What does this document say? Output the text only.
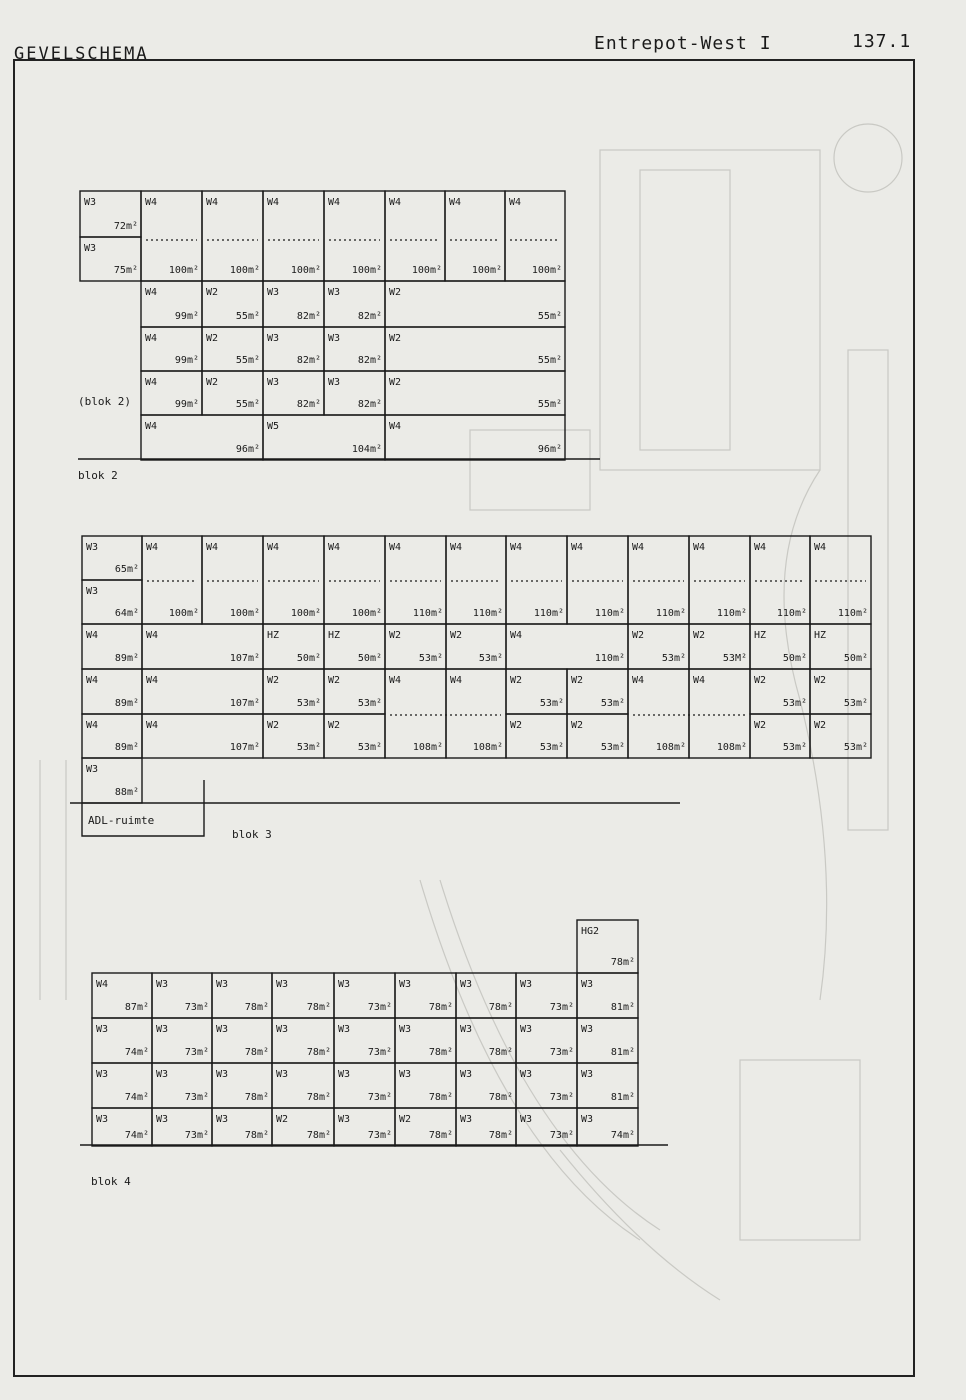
GEVELSCHEMA	Entrepot-West I	137.1
W3
72m²
W3
75m²
W4
100m²
W4
100m²
W4
100m²
W4
100m²
W4
100m²
W4
100m²
W4
100m²
W4
99m²
W2
55m²
W3
82m²
W3
82m²
W2
55m²
W4
99m²
W2
55m²
W3
82m²
W3
82m²
W2
55m²
W4
99m²
W2
55m²
W3
82m²
W3
82m²
W2
55m²
W4
96m²
W5
104m²
W4
96m²
(blok 2)
blok 2
W3
65m²
W3
64m²
W4
100m²
W4
100m²
W4
100m²
W4
100m²
W4
110m²
W4
110m²
W4
110m²
W4
110m²
W4
110m²
W4
110m²
W4
110m²
W4
110m²
W4
89m²
W4
107m²
HZ
50m²
HZ
50m²
W2
53m²
W2
53m²
W4
110m²
W2
53m²
W2
53M²
HZ
50m²
HZ
50m²
W4
89m²
W4
107m²
W2
53m²
W2
53m²
W4
108m²
W4
108m²
W2
53m²
W2
53m²
W4
108m²
W4
108m²
W2
53m²
W2
53m²
W4
89m²
W4
107m²
W2
53m²
W2
53m²
W2
53m²
W2
53m²
W2
53m²
W2
53m²
W3
88m²
ADL-ruimte
blok 3
HG2
78m²
W4
87m²
W3
73m²
W3
78m²
W3
78m²
W3
73m²
W3
78m²
W3
78m²
W3
73m²
W3
81m²
W3
74m²
W3
73m²
W3
78m²
W3
78m²
W3
73m²
W3
78m²
W3
78m²
W3
73m²
W3
81m²
W3
74m²
W3
73m²
W3
78m²
W3
78m²
W3
73m²
W3
78m²
W3
78m²
W3
73m²
W3
81m²
W3
74m²
W3
73m²
W3
78m²
W2
78m²
W3
73m²
W2
78m²
W3
78m²
W3
73m²
W3
74m²
blok 4
